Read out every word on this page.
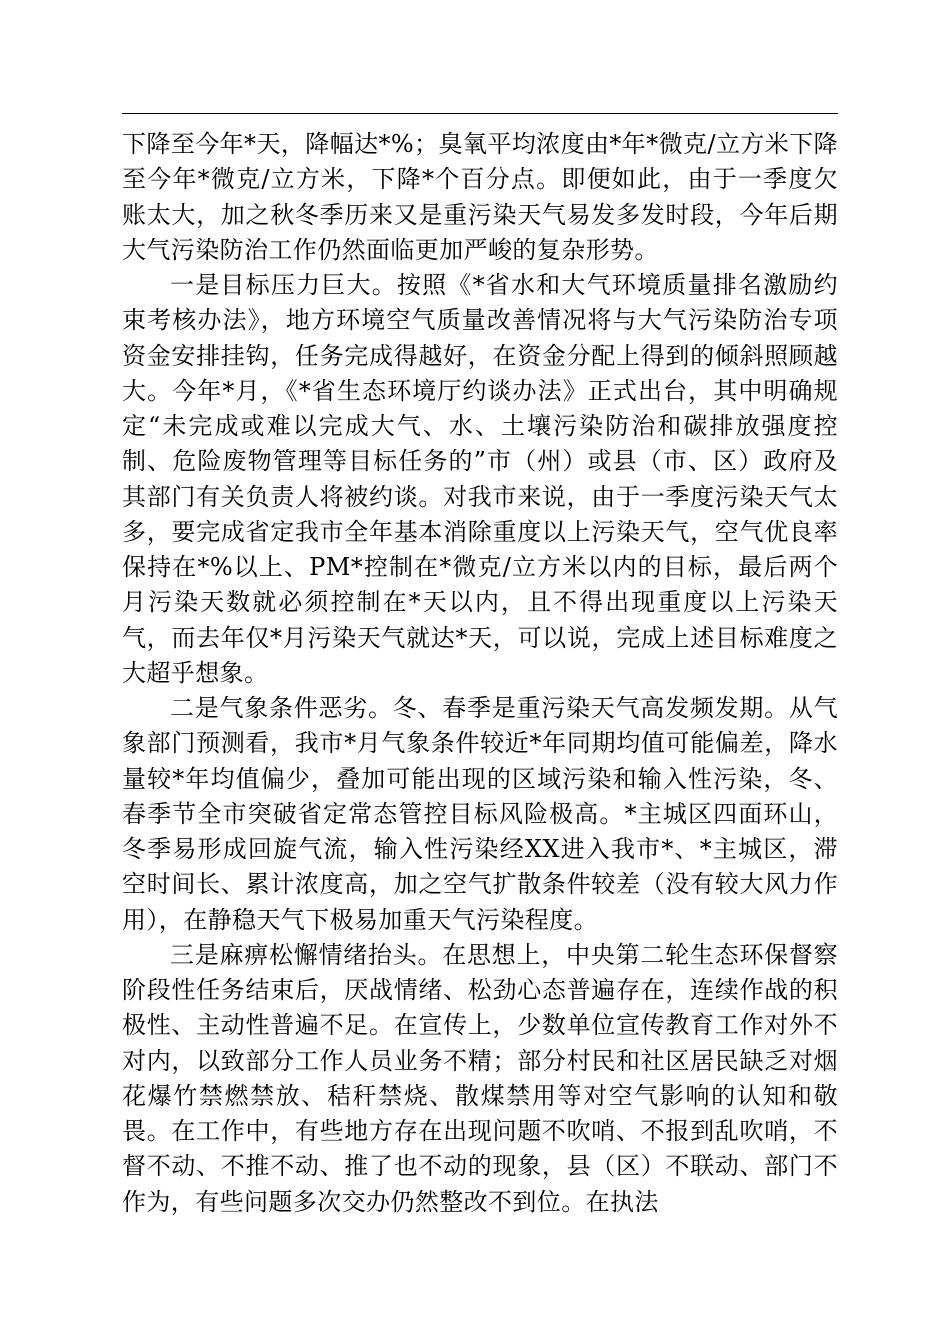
下降至今年*天，降幅达*%；臭氧平均浓度由*年*微克/立方米下降至今年*微克/立方米，下降*个百分点。即便如此，由于一季度欠账太大，加之秋冬季历来又是重污染天气易发多发时段，今年后期大气污染防治工作仍然面临更加严峻的复杂形势。

一是目标压力巨大。按照《*省水和大气环境质量排名激励约束考核办法》，地方环境空气质量改善情况将与大气污染防治专项资金安排挂钩，任务完成得越好，在资金分配上得到的倾斜照顾越大。今年*月，《*省生态环境厅约谈办法》正式出台，其中明确规定“未完成或难以完成大气、水、土壤污染防治和碳排放强度控制、危险废物管理等目标任务的”市（州）或县（市、区）政府及其部门有关负责人将被约谈。对我市来说，由于一季度污染天气太多，要完成省定我市全年基本消除重度以上污染天气，空气优良率保持在*%以上、PM*控制在*微克/立方米以内的目标，最后两个月污染天数就必须控制在*天以内，且不得出现重度以上污染天气，而去年仅*月污染天气就达*天，可以说，完成上述目标难度之大超乎想象。

二是气象条件恶劣。冬、春季是重污染天气高发频发期。从气象部门预测看，我市*月气象条件较近*年同期均值可能偏差，降水量较*年均值偏少，叠加可能出现的区域污染和输入性污染，冬、春季节全市突破省定常态管控目标风险极高。*主城区四面环山，冬季易形成回旋气流，输入性污染经XX进入我市*、*主城区，滞空时间长、累计浓度高，加之空气扩散条件较差（没有较大风力作用），在静稳天气下极易加重天气污染程度。

三是麻痹松懈情绪抬头。在思想上，中央第二轮生态环保督察阶段性任务结束后，厌战情绪、松劲心态普遍存在，连续作战的积极性、主动性普遍不足。在宣传上，少数单位宣传教育工作对外不对内，以致部分工作人员业务不精；部分村民和社区居民缺乏对烟花爆竹禁燃禁放、秸秆禁烧、散煤禁用等对空气影响的认知和敬畏。在工作中，有些地方存在出现问题不吹哨、不报到乱吹哨，不督不动、不推不动、推了也不动的现象，县（区）不联动、部门不作为，有些问题多次交办仍然整改不到位。在执法
